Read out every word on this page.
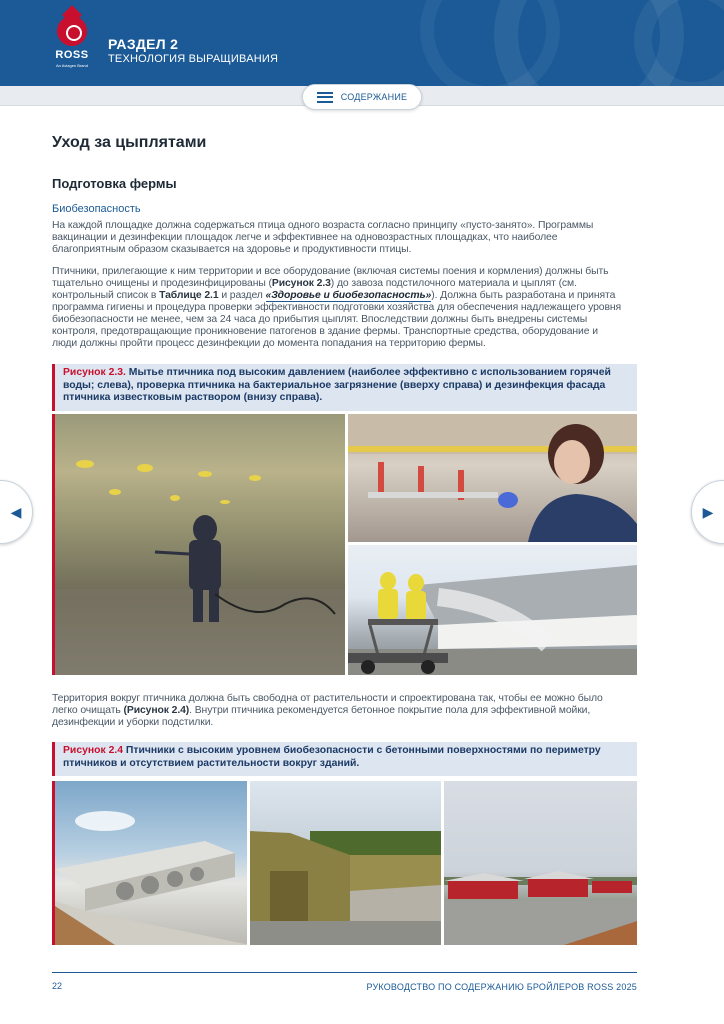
ROSS
An Aviagen Brand
РАЗДЕЛ 2
ТЕХНОЛОГИЯ ВЫРАЩИВАНИЯ
СОДЕРЖАНИЕ
◀	▶
Уход за цыплятами
Подготовка фермы
Биобезопасность
На каждой площадке должна содержаться птица одного возраста согласно принципу «пусто-занято». Программы вакцинации и дезинфекции площадок легче и эффективнее на одновозрастных площадках, что наиболее благоприятным образом сказывается на здоровье и продуктивности птицы.
Птичники, прилегающие к ним территории и все оборудование (включая системы поения и кормления) должны быть тщательно очищены и продезинфицированы (Рисунок 2.3) до завоза подстилочного материала и цыплят (см. контрольный список в Таблице 2.1 и раздел «Здоровье и биобезопасность»). Должна быть разработана и принята программа гигиены и процедура проверки эффективности подготовки хозяйства для обеспечения надлежащего уровня биобезопасности не менее, чем за 24 часа до прибытия цыплят. Впоследствии должны быть внедрены системы контроля, предотвращающие проникновение патогенов в здание фермы. Транспортные средства, оборудование и люди должны пройти процесс дезинфекции до момента попадания на территорию фермы.
Рисунок 2.3. Мытье птичника под высоким давлением (наиболее эффективно с использованием горячей воды; слева), проверка птичника на бактериальное загрязнение (вверху справа) и дезинфекция фасада птичника известковым раствором (внизу справа).
Территория вокруг птичника должна быть свободна от растительности и спроектирована так, чтобы ее можно было легко очищать (Рисунок 2.4). Внутри птичника рекомендуется бетонное покрытие пола для эффективной мойки, дезинфекции и уборки подстилки.
Рисунок 2.4 Птичники с высоким уровнем биобезопасности с бетонными поверхностями по периметру птичников и отсутствием растительности вокруг зданий.
22	РУКОВОДСТВО ПО СОДЕРЖАНИЮ БРОЙЛЕРОВ ROSS 2025
